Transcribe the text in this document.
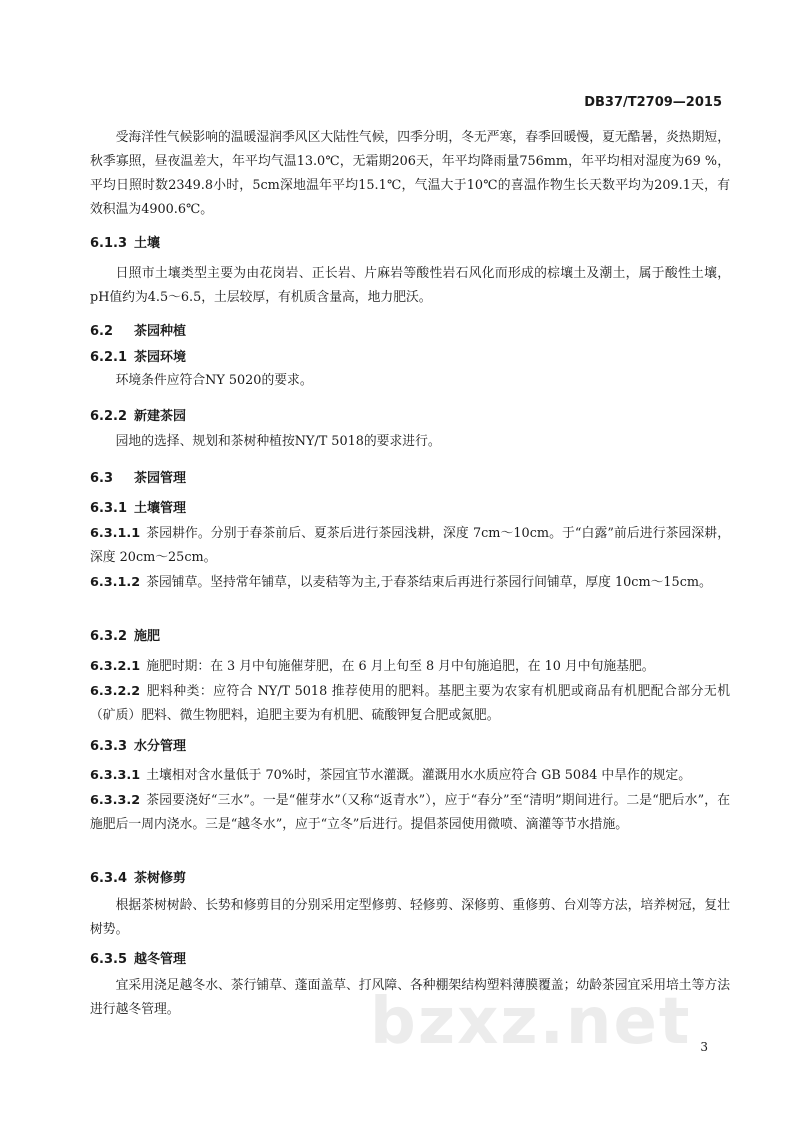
DB37/T2709—2015

受海洋性气候影响的温暖湿润季风区大陆性气候，四季分明，冬无严寒，春季回暖慢，夏无酷暑，炎热期短，秋季寡照，昼夜温差大，年平均气温13.0℃，无霜期206天，年平均降雨量756mm，年平均相对湿度为69 %，平均日照时数2349.8小时，5cm深地温年平均15.1℃，气温大于10℃的喜温作物生长天数平均为209.1天，有效积温为4900.6℃。

6.1.3 土壤

日照市土壤类型主要为由花岗岩、正长岩、片麻岩等酸性岩石风化而形成的棕壤土及潮土，属于酸性土壤，pH值约为4.5～6.5，土层较厚，有机质含量高，地力肥沃。

6.2 茶园种植
6.2.1 茶园环境

环境条件应符合NY 5020的要求。

6.2.2 新建茶园

园地的选择、规划和茶树种植按NY/T 5018的要求进行。

6.3 茶园管理
6.3.1 土壤管理

6.3.1.1 茶园耕作。分别于春茶前后、夏茶后进行茶园浅耕，深度 7cm～10cm。于“白露”前后进行茶园深耕，深度 20cm～25cm。

6.3.1.2 茶园铺草。坚持常年铺草，以麦秸等为主,于春茶结束后再进行茶园行间铺草，厚度 10cm～15cm。

6.3.2 施肥

6.3.2.1 施肥时期：在 3 月中旬施催芽肥，在 6 月上旬至 8 月中旬施追肥，在 10 月中旬施基肥。

6.3.2.2 肥料种类：应符合 NY/T 5018 推荐使用的肥料。基肥主要为农家有机肥或商品有机肥配合部分无机（矿质）肥料、微生物肥料，追肥主要为有机肥、硫酸钾复合肥或氮肥。

6.3.3 水分管理

6.3.3.1 土壤相对含水量低于 70%时，茶园宜节水灌溉。灌溉用水水质应符合 GB 5084 中旱作的规定。

6.3.3.2 茶园要浇好“三水”。一是“催芽水”（又称“返青水”），应于“春分”至“清明”期间进行。二是“肥后水”，在施肥后一周内浇水。三是“越冬水”，应于“立冬”后进行。提倡茶园使用微喷、滴灌等节水措施。

6.3.4 茶树修剪

根据茶树树龄、长势和修剪目的分别采用定型修剪、轻修剪、深修剪、重修剪、台刈等方法，培养树冠，复壮树势。

6.3.5 越冬管理

宜采用浇足越冬水、茶行铺草、蓬面盖草、打风障、各种棚架结构塑料薄膜覆盖；幼龄茶园宜采用培土等方法进行越冬管理。	bzxz.net 3
